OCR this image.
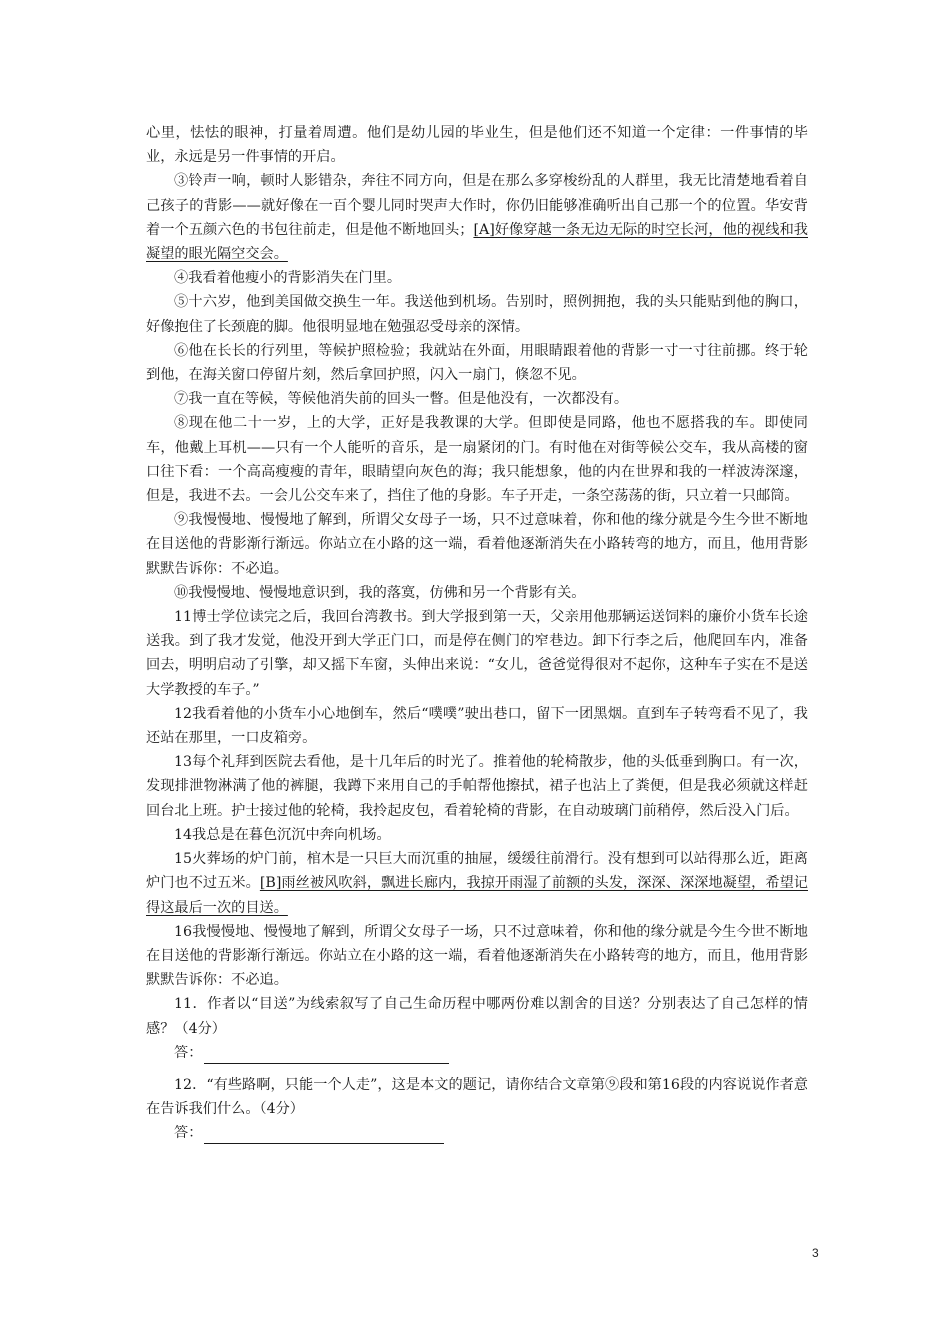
心里，怯怯的眼神，打量着周遭。他们是幼儿园的毕业生，但是他们还不知道一个定律：一件事情的毕业，永远是另一件事情的开启。

③铃声一响，顿时人影错杂，奔往不同方向，但是在那么多穿梭纷乱的人群里，我无比清楚地看着自己孩子的背影——就好像在一百个婴儿同时哭声大作时，你仍旧能够准确听出自己那一个的位置。华安背着一个五颜六色的书包往前走，但是他不断地回头；[A]好像穿越一条无边无际的时空长河，他的视线和我凝望的眼光隔空交会。

④我看着他瘦小的背影消失在门里。

⑤十六岁，他到美国做交换生一年。我送他到机场。告别时，照例拥抱，我的头只能贴到他的胸口，好像抱住了长颈鹿的脚。他很明显地在勉强忍受母亲的深情。

⑥他在长长的行列里，等候护照检验；我就站在外面，用眼睛跟着他的背影一寸一寸往前挪。终于轮到他，在海关窗口停留片刻，然后拿回护照，闪入一扇门，倏忽不见。

⑦我一直在等候，等候他消失前的回头一瞥。但是他没有，一次都没有。

⑧现在他二十一岁，上的大学，正好是我教课的大学。但即使是同路，他也不愿搭我的车。即使同车，他戴上耳机——只有一个人能听的音乐，是一扇紧闭的门。有时他在对街等候公交车，我从高楼的窗口往下看：一个高高瘦瘦的青年，眼睛望向灰色的海；我只能想象，他的内在世界和我的一样波涛深邃，但是，我进不去。一会儿公交车来了，挡住了他的身影。车子开走，一条空荡荡的街，只立着一只邮筒。

⑨我慢慢地、慢慢地了解到，所谓父女母子一场，只不过意味着，你和他的缘分就是今生今世不断地在目送他的背影渐行渐远。你站立在小路的这一端，看着他逐渐消失在小路转弯的地方，而且，他用背影默默告诉你：不必追。

⑩我慢慢地、慢慢地意识到，我的落寞，仿佛和另一个背影有关。

11博士学位读完之后，我回台湾教书。到大学报到第一天，父亲用他那辆运送饲料的廉价小货车长途送我。到了我才发觉，他没开到大学正门口，而是停在侧门的窄巷边。卸下行李之后，他爬回车内，准备回去，明明启动了引擎，却又摇下车窗，头伸出来说：“女儿，爸爸觉得很对不起你，这种车子实在不是送大学教授的车子。”

12我看着他的小货车小心地倒车，然后“噗噗”驶出巷口，留下一团黑烟。直到车子转弯看不见了，我还站在那里，一口皮箱旁。

13每个礼拜到医院去看他，是十几年后的时光了。推着他的轮椅散步，他的头低垂到胸口。有一次，发现排泄物淋满了他的裤腿，我蹲下来用自己的手帕帮他擦拭，裙子也沾上了粪便，但是我必须就这样赶回台北上班。护士接过他的轮椅，我拎起皮包，看着轮椅的背影，在自动玻璃门前稍停，然后没入门后。

14我总是在暮色沉沉中奔向机场。

15火葬场的炉门前，棺木是一只巨大而沉重的抽屉，缓缓往前滑行。没有想到可以站得那么近，距离炉门也不过五米。[B]雨丝被风吹斜，飘进长廊内，我掠开雨湿了前额的头发，深深、深深地凝望，希望记得这最后一次的目送。

16我慢慢地、慢慢地了解到，所谓父女母子一场，只不过意味着，你和他的缘分就是今生今世不断地在目送他的背影渐行渐远。你站立在小路的这一端，看着他逐渐消失在小路转弯的地方，而且，他用背影默默告诉你：不必追。

11．作者以“目送”为线索叙写了自己生命历程中哪两份难以割舍的目送？分别表达了自己怎样的情感？（4分）

答：

12．“有些路啊，只能一个人走”，这是本文的题记，请你结合文章第⑨段和第16段的内容说说作者意在告诉我们什么。（4分）

答：
3
